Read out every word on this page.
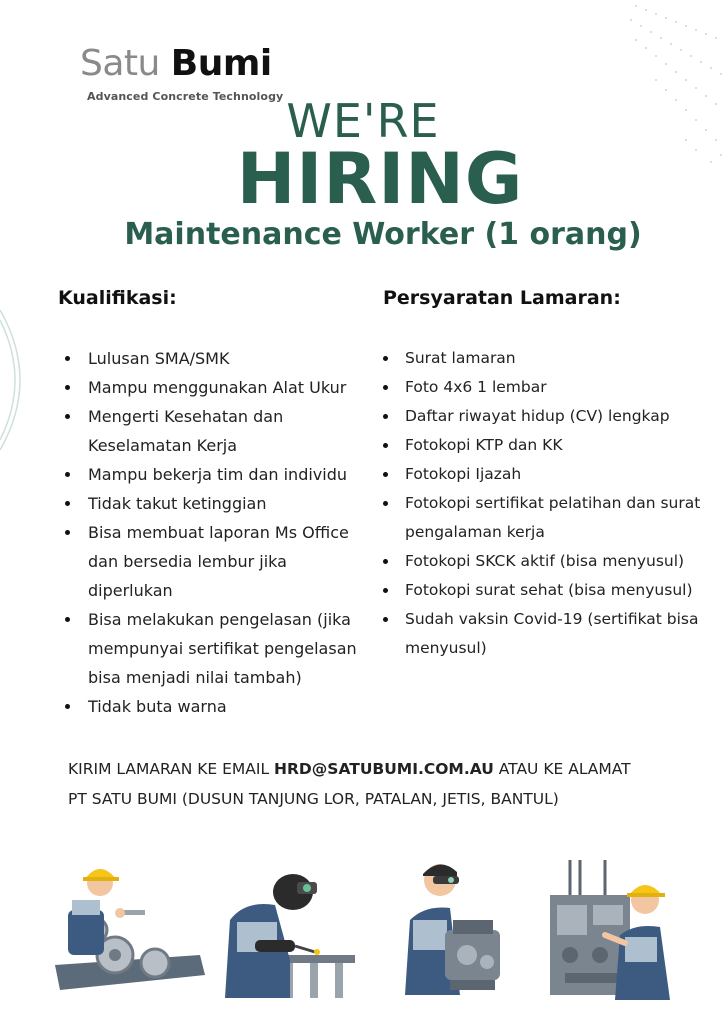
Satu Bumi
Advanced Concrete Technology WE'RE
HIRING
Maintenance Worker (1 orang)
Kualifikasi:
Lulusan SMA/SMK
Mampu menggunakan Alat Ukur
Mengerti Kesehatan dan Keselamatan Kerja
Mampu bekerja tim dan individu
Tidak takut ketinggian
Bisa membuat laporan Ms Office dan bersedia lembur jika diperlukan
Bisa melakukan pengelasan (jika mempunyai sertifikat pengelasan bisa menjadi nilai tambah)
Tidak buta warna
Persyaratan Lamaran:
Surat lamaran
Foto 4x6 1 lembar
Daftar riwayat hidup (CV) lengkap
Fotokopi KTP dan KK
Fotokopi Ijazah
Fotokopi sertifikat pelatihan dan surat pengalaman kerja
Fotokopi SKCK aktif (bisa menyusul)
Fotokopi surat sehat (bisa menyusul)
Sudah vaksin Covid-19 (sertifikat bisa menyusul)
KIRIM LAMARAN KE EMAIL HRD@SATUBUMI.COM.AU ATAU KE ALAMAT
PT SATU BUMI (DUSUN TANJUNG LOR, PATALAN, JETIS, BANTUL)
